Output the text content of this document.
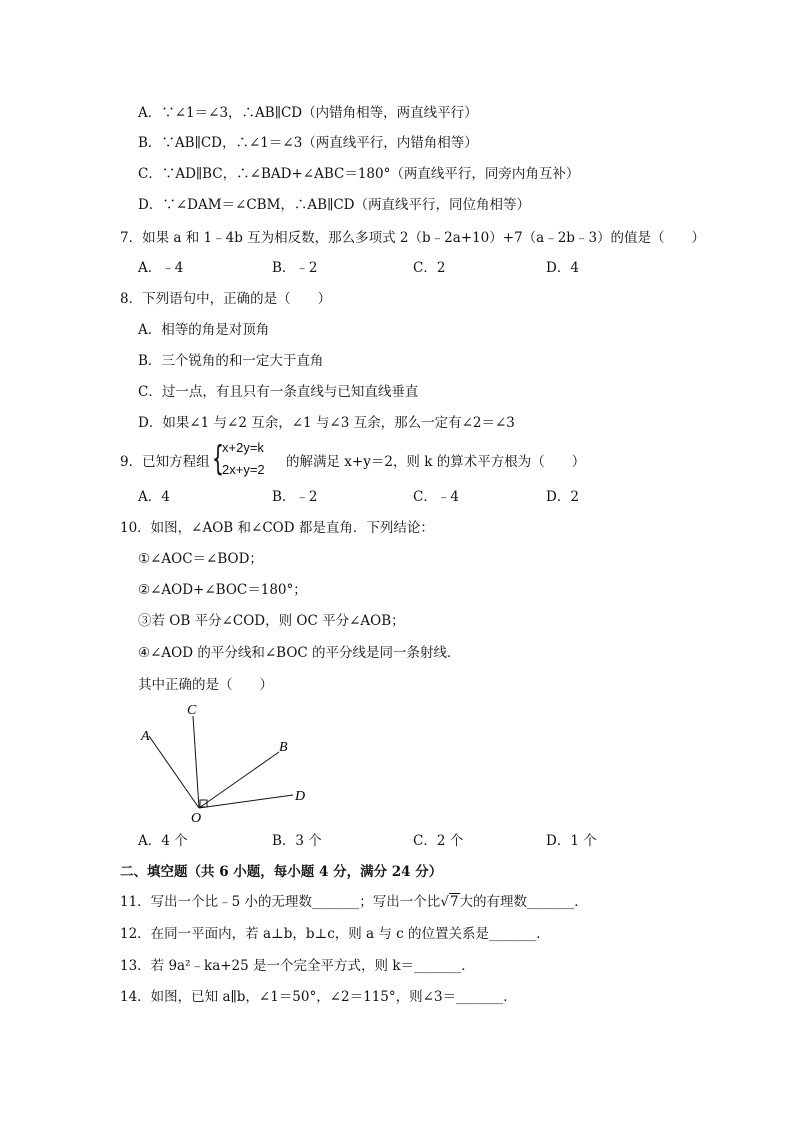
A．∵∠1＝∠3，∴AB∥CD（内错角相等，两直线平行）
B．∵AB∥CD，∴∠1＝∠3（两直线平行，内错角相等）
C．∵AD∥BC，∴∠BAD+∠ABC＝180°（两直线平行，同旁内角互补）
D．∵∠DAM＝∠CBM，∴AB∥CD（两直线平行，同位角相等）
7．如果 a 和 1﹣4b 互为相反数，那么多项式 2（b﹣2a+10）+7（a﹣2b﹣3）的值是（　　）
A．﹣4	B．﹣2	C．2	D．4
8．下列语句中，正确的是（　　）
A．相等的角是对顶角
B．三个锐角的和一定大于直角
C．过一点，有且只有一条直线与已知直线垂直
D．如果∠1 与∠2 互余，∠1 与∠3 互余，那么一定有∠2＝∠3
9．已知方程组 {
x+2y=k
2x+y=2 的解满足 x+y＝2，则 k 的算术平方根为（　　）
A．4	B．﹣2	C．﹣4	D．2
10．如图，∠AOB 和∠COD 都是直角．下列结论：
①∠AOC＝∠BOD；
②∠AOD+∠BOC＝180°；
③若 OB 平分∠COD，则 OC 平分∠AOB；
④∠AOD 的平分线和∠BOC 的平分线是同一条射线．
其中正确的是（　　）
C
A
B
D
O
A．4 个	B．3 个	C．2 个	D．1 个
二、填空题（共 6 小题，每小题 4 分，满分 24 分）
11．写出一个比﹣5 小的无理数_______；写出一个比√7大的有理数_______．
12．在同一平面内，若 a⊥b，b⊥c，则 a 与 c 的位置关系是_______．
13．若 9a²﹣ka+25 是一个完全平方式，则 k＝_______．
14．如图，已知 a∥b，∠1＝50°，∠2＝115°，则∠3＝_______．
